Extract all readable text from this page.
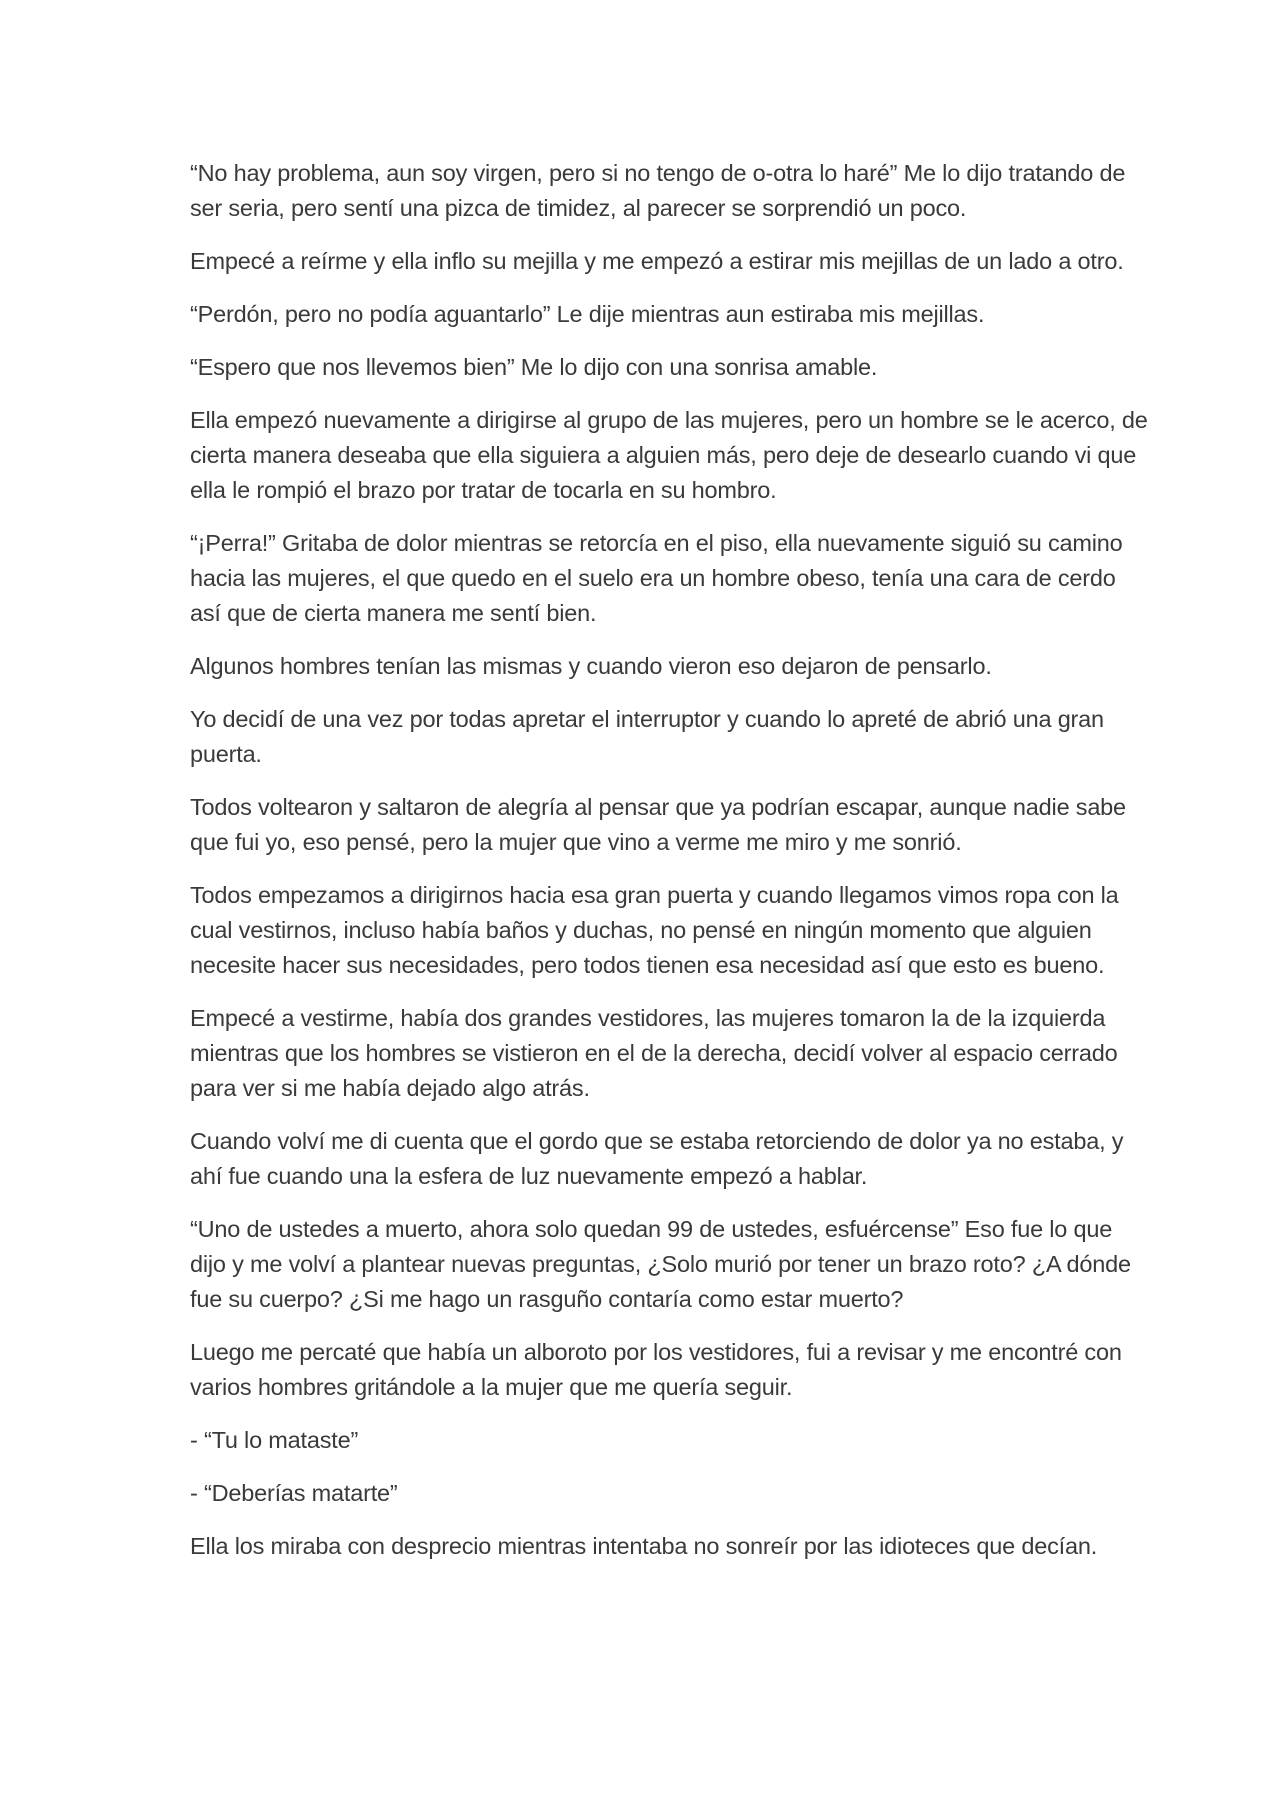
“No hay problema, aun soy virgen, pero si no tengo de o-otra lo haré” Me lo dijo tratando de ser seria, pero sentí una pizca de timidez, al parecer se sorprendió un poco.

Empecé a reírme y ella inflo su mejilla y me empezó a estirar mis mejillas de un lado a otro.

“Perdón, pero no podía aguantarlo” Le dije mientras aun estiraba mis mejillas.

“Espero que nos llevemos bien” Me lo dijo con una sonrisa amable.

Ella empezó nuevamente a dirigirse al grupo de las mujeres, pero un hombre se le acerco, de cierta manera deseaba que ella siguiera a alguien más, pero deje de desearlo cuando vi que ella le rompió el brazo por tratar de tocarla en su hombro.

“¡Perra!” Gritaba de dolor mientras se retorcía en el piso, ella nuevamente siguió su camino hacia las mujeres, el que quedo en el suelo era un hombre obeso, tenía una cara de cerdo así que de cierta manera me sentí bien.

Algunos hombres tenían las mismas y cuando vieron eso dejaron de pensarlo.

Yo decidí de una vez por todas apretar el interruptor y cuando lo apreté de abrió una gran puerta.

Todos voltearon y saltaron de alegría al pensar que ya podrían escapar, aunque nadie sabe que fui yo, eso pensé, pero la mujer que vino a verme me miro y me sonrió.

Todos empezamos a dirigirnos hacia esa gran puerta y cuando llegamos vimos ropa con la cual vestirnos, incluso había baños y duchas, no pensé en ningún momento que alguien necesite hacer sus necesidades, pero todos tienen esa necesidad así que esto es bueno.

Empecé a vestirme, había dos grandes vestidores, las mujeres tomaron la de la izquierda mientras que los hombres se vistieron en el de la derecha, decidí volver al espacio cerrado para ver si me había dejado algo atrás.

Cuando volví me di cuenta que el gordo que se estaba retorciendo de dolor ya no estaba, y ahí fue cuando una la esfera de luz nuevamente empezó a hablar.

“Uno de ustedes a muerto, ahora solo quedan 99 de ustedes, esfuércense” Eso fue lo que dijo y me volví a plantear nuevas preguntas, ¿Solo murió por tener un brazo roto? ¿A dónde fue su cuerpo? ¿Si me hago un rasguño contaría como estar muerto?

Luego me percaté que había un alboroto por los vestidores, fui a revisar y me encontré con varios hombres gritándole a la mujer que me quería seguir.

- “Tu lo mataste”

- “Deberías matarte”

Ella los miraba con desprecio mientras intentaba no sonreír por las idioteces que decían.
